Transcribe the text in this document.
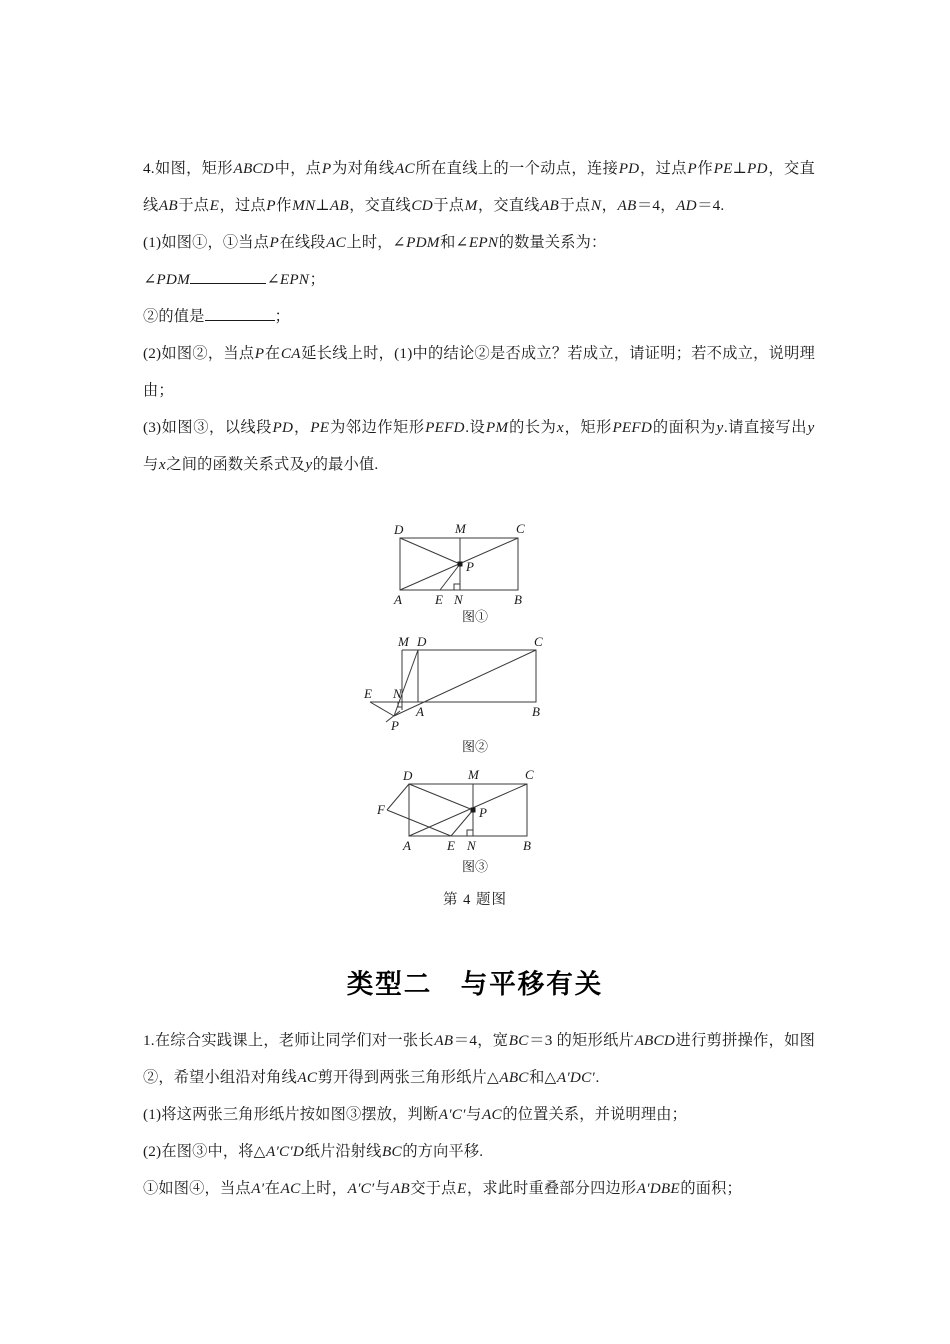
4.如图，矩形ABCD中，点P为对角线AC所在直线上的一个动点，连接PD，过点P作PE⊥PD，交直线AB于点E，过点P作MN⊥AB，交直线CD于点M，交直线AB于点N，AB＝4，AD＝4.

(1)如图①，①当点P在线段AC上时，∠PDM和∠EPN的数量关系为：

∠PDM	∠EPN；

②的值是	；

(2)如图②，当点P在CA延长线上时，(1)中的结论②是否成立？若成立，请证明；若不成立，说明理由；

(3)如图③，以线段PD，PE为邻边作矩形PEFD.设PM的长为x，矩形PEFD的面积为y.请直接写出y与x之间的函数关系式及y的最小值.

D	M	C
P
A	E N	B
图①
M D	C
E N
P
A	B
图②
D	M	C
P
F
A	E N	B
图③
第 4 题图
类型二　与平移有关

1.在综合实践课上，老师让同学们对一张长AB＝4，宽BC＝3 的矩形纸片ABCD进行剪拼操作，如图②，希望小组沿对角线AC剪开得到两张三角形纸片△ABC和△A′DC′.

(1)将这两张三角形纸片按如图③摆放，判断A′C′与AC的位置关系，并说明理由；

(2)在图③中，将△A′C′D纸片沿射线BC的方向平移.

①如图④，当点A′在AC上时，A′C′与AB交于点E，求此时重叠部分四边形A′DBE的面积；
